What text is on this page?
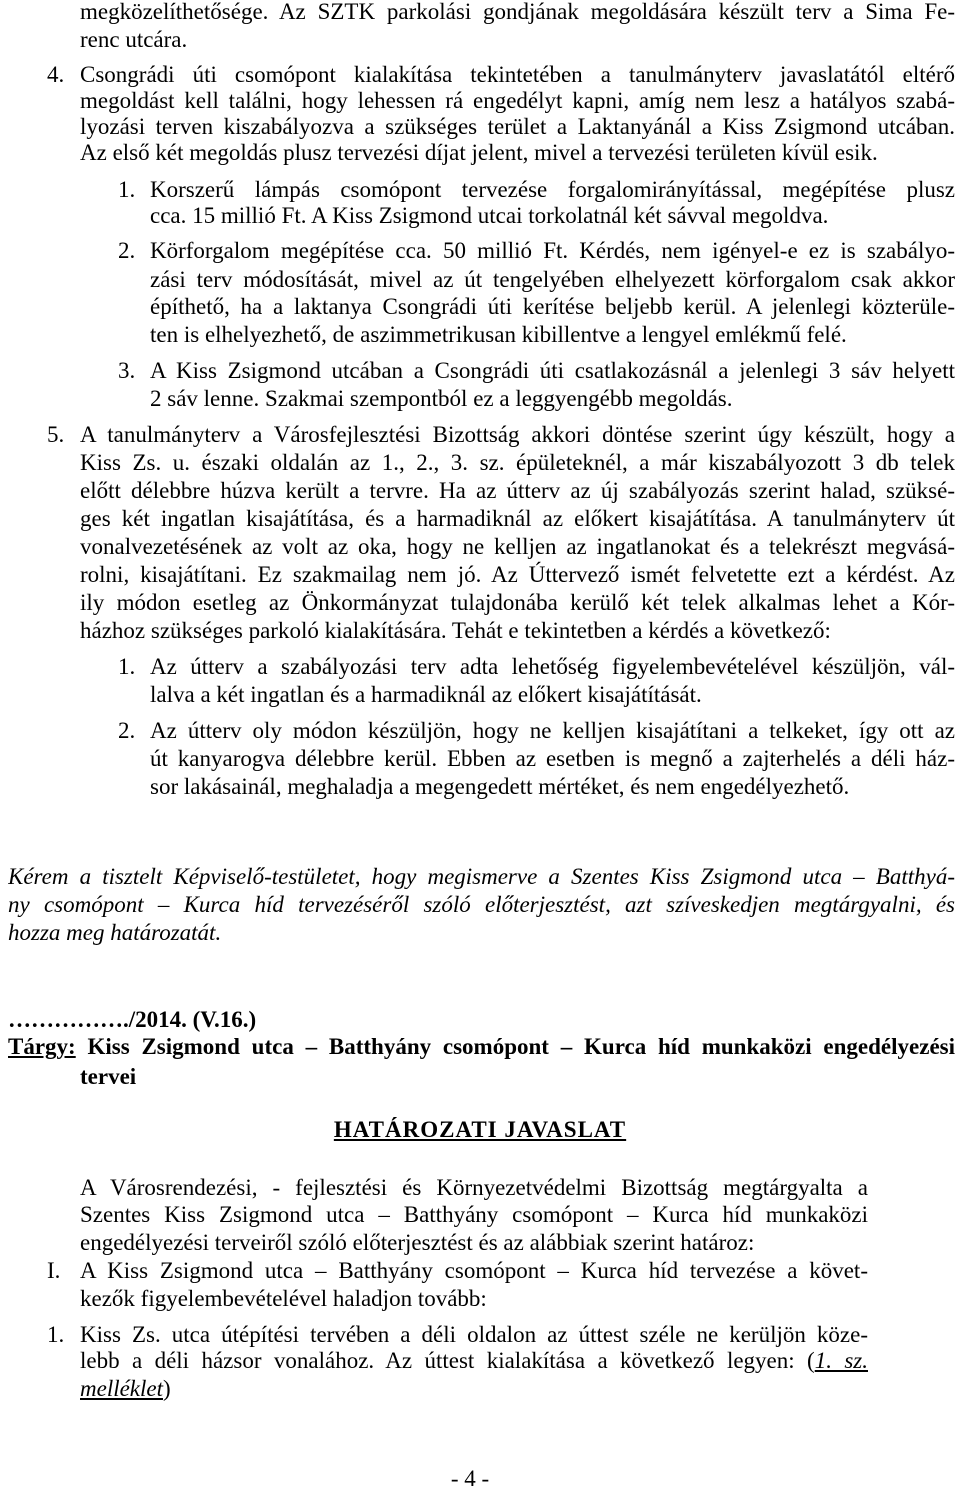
megközelíthetősége. Az SZTK parkolási gondjának megoldására készült terv a Sima Fe-
renc utcára.
4. Csongrádi úti csomópont kialakítása tekintetében a tanulmányterv javaslatától eltérő
megoldást kell találni, hogy lehessen rá engedélyt kapni, amíg nem lesz a hatályos szabá-
lyozási terven kiszabályozva a szükséges terület a Laktanyánál a Kiss Zsigmond utcában.
Az első két megoldás plusz tervezési díjat jelent, mivel a tervezési területen kívül esik.
1. Korszerű lámpás csomópont tervezése forgalomirányítással, megépítése plusz
cca. 15 millió Ft. A Kiss Zsigmond utcai torkolatnál két sávval megoldva.
2. Körforgalom megépítése cca. 50 millió Ft. Kérdés, nem igényel-e ez is szabályo-
zási terv módosítását, mivel az út tengelyében elhelyezett körforgalom csak akkor
építhető, ha a laktanya Csongrádi úti kerítése beljebb kerül. A jelenlegi közterüle-
ten is elhelyezhető, de aszimmetrikusan kibillentve a lengyel emlékmű felé.
3. A Kiss Zsigmond utcában a Csongrádi úti csatlakozásnál a jelenlegi 3 sáv helyett
2 sáv lenne. Szakmai szempontból ez a leggyengébb megoldás.
5. A tanulmányterv a Városfejlesztési Bizottság akkori döntése szerint úgy készült, hogy a
Kiss Zs. u. északi oldalán az 1., 2., 3. sz. épületeknél, a már kiszabályozott 3 db telek
előtt délebbre húzva került a tervre. Ha az útterv az új szabályozás szerint halad, szüksé-
ges két ingatlan kisajátítása, és a harmadiknál az előkert kisajátítása. A tanulmányterv út
vonalvezetésének az volt az oka, hogy ne kelljen az ingatlanokat és a telekrészt megvásá-
rolni, kisajátítani. Ez szakmailag nem jó. Az Úttervező ismét felvetette ezt a kérdést. Az
ily módon esetleg az Önkormányzat tulajdonába kerülő két telek alkalmas lehet a Kór-
házhoz szükséges parkoló kialakítására. Tehát e tekintetben a kérdés a következő:
1. Az útterv a szabályozási terv adta lehetőség figyelembevételével készüljön, vál-
lalva a két ingatlan és a harmadiknál az előkert kisajátítását.
2. Az útterv oly módon készüljön, hogy ne kelljen kisajátítani a telkeket, így ott az
út kanyarogva délebbre kerül. Ebben az esetben is megnő a zajterhelés a déli ház-
sor lakásainál, meghaladja a megengedett mértéket, és nem engedélyezhető.
Kérem a tisztelt Képviselő-testületet, hogy megismerve a Szentes Kiss Zsigmond utca – Batthyá-
ny csomópont – Kurca híd tervezéséről szóló előterjesztést, azt szíveskedjen megtárgyalni, és
hozza meg határozatát.
……………./2014. (V.16.)
Tárgy: Kiss Zsigmond utca – Batthyány csomópont – Kurca híd munkaközi engedélyezési
tervei
HATÁROZATI JAVASLAT
A Városrendezési, - fejlesztési és Környezetvédelmi Bizottság megtárgyalta a
Szentes Kiss Zsigmond utca – Batthyány csomópont – Kurca híd munkaközi
engedélyezési terveiről szóló előterjesztést és az alábbiak szerint határoz:
I. A Kiss Zsigmond utca – Batthyány csomópont – Kurca híd tervezése a követ-
kezők figyelembevételével haladjon tovább:
1. Kiss Zs. utca útépítési tervében a déli oldalon az úttest széle ne kerüljön köze-
lebb a déli házsor vonalához. Az úttest kialakítása a következő legyen: (1. sz.
melléklet)
- 4 -
